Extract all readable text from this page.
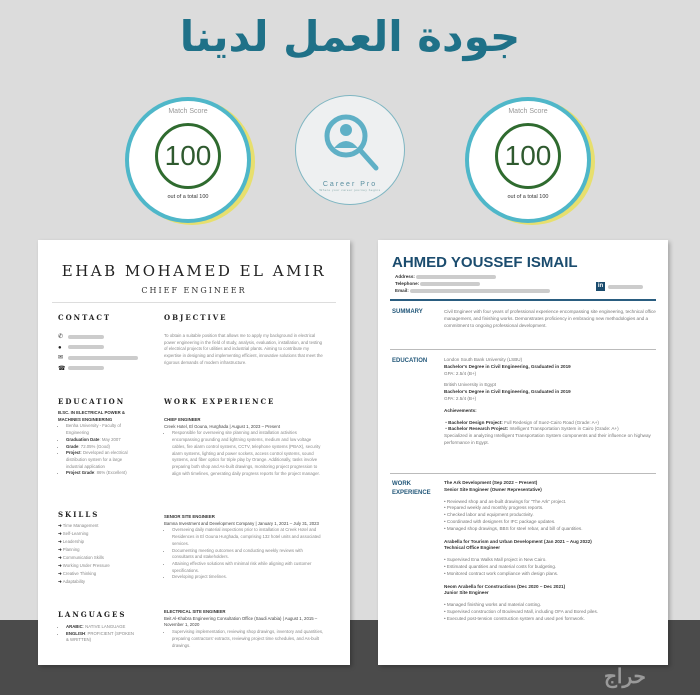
جودة العمل لدينا
Match Score
100
out of a total 100
Career Pro
Where your career journey begins
Match Score
100
out of a total 100
EHAB MOHAMED EL AMIR
CHIEF ENGINEER
CONTACT
✆
●
✉
☎
OBJECTIVE
To obtain a suitable position that allows me to apply my background in electrical power engineering in the field of study, analysis, evaluation, installation, and testing of electrical projects for utilities and industrial plants. Aiming to contribute my expertise in designing and implementing efficient, innovative solutions that meet the rigorous demands of modern infrastructure.
EDUCATION
B.SC. IN ELECTRICAL POWER & MACHINES ENGINEERING
• Benha University - Faculty of Engineering
• Graduation Date: May 2007
• Grade: 72.05% (Good)
• Project: Developed an electrical distribution system for a large industrial application
• Project Grade: 86% (Excellent)
SKILLS
➜ Time Management
➜ Self-Learning
➜ Leadership
➜ Planning
➜ Communication Skills
➜ Working Under Pressure
➜ Creative Thinking
➜ Adaptability
LANGUAGES
• ARABIC: NATIVE LANGUAGE
• ENGLISH: PROFICIENT (SPOKEN & WRITTEN)
WORK EXPERIENCE
CHIEF ENGINEER
Creek Hotel, El Gouna, Hurghada | August 1, 2023 – Present
• Responsible for overseeing site planning and installation activities encompassing grounding and lightning systems, medium and low voltage cables, fire alarm control systems, CCTV, telephone systems (PBAX), security alarm systems, lighting and power sockets, access control systems, sound systems, and fiber optics for triple play by Orange. Additionally, tasks involve preparing both shop and As-built drawings, monitoring project progression to align with timelines, generating daily progress reports for the project manager.
SENIOR SITE ENGINEER
Bamna Investment and Development Company | January 1, 2021 – July 31, 2023
• Overseeing daily material inspections prior to installation at Creek Hotel and Residences in El Gouna Hurghada, comprising 132 hotel units and associated services.
• Documenting meeting outcomes and conducting weekly reviews with consultants and stakeholders.
• Attaining effective solutions with minimal risk while aligning with customer specifications.
• Developing project timelines.
ELECTRICAL SITE ENGINEER
Beit Al-Khabra Engineering Consultation Office (Saudi Arabia) | August 1, 2015 – November 1, 2020
• Supervising implementation, reviewing shop drawings, inventory and quantities, preparing contractors' extracts, reviewing project time schedules, and As-built drawings.
AHMED YOUSSEF ISMAIL
Address:
Telephone:
Email:
in
SUMMARY	Civil Engineer with four years of professional experience encompassing site engineering, technical office management, and finishing works. Demonstrates proficiency in embracing new methodologies and a commitment to ongoing professional development.
EDUCATION	London South Bank University (LSBU)
Bachelor's Degree in Civil Engineering, Graduated in 2019
GPA: 2.5/4 (B+)
British University in Egypt
Bachelor's Degree in Civil Engineering, Graduated in 2019
GPA: 2.5/4 (B+)
Achievements:
• Bachelor Design Project: Full Redesign of Suez-Cairo Road (Grade: A+)
• Bachelor Research Project: Intelligent Transportation System in Cairo (Grade: A+)
Specialized in analyzing Intelligent Transportation System components and their influence on highway performance in Egypt.
WORK
EXPERIENCE
The Ark Development (Sep 2022 – Present)
Senior Site Engineer (Owner Representative)
• Reviewed shop and as-built drawings for "The Ark" project.
• Prepared weekly and monthly progress reports.
• Checked labor and equipment productivity.
• Coordinated with designers for IFC package updates.
• Managed shop drawings, BBS for steel rebar, and bill of quantities.
Arabella for Tourism and Urban Development (Jan 2021 – Aug 2022)
Technical Office Engineer
• Supervised Ena Walks Mall project in New Cairo.
• Estimated quantities and material costs for budgeting.
• Monitored contract work compliance with design plans.
Neom Arabella for Constructions (Dec 2020 – Dec 2021)
Junior Site Engineer
• Managed finishing works and material costing.
• Supervised construction of Boulevard Mall, including OFA and Bored piles.
• Executed post-tension construction system and used peri formwork.
حراج
